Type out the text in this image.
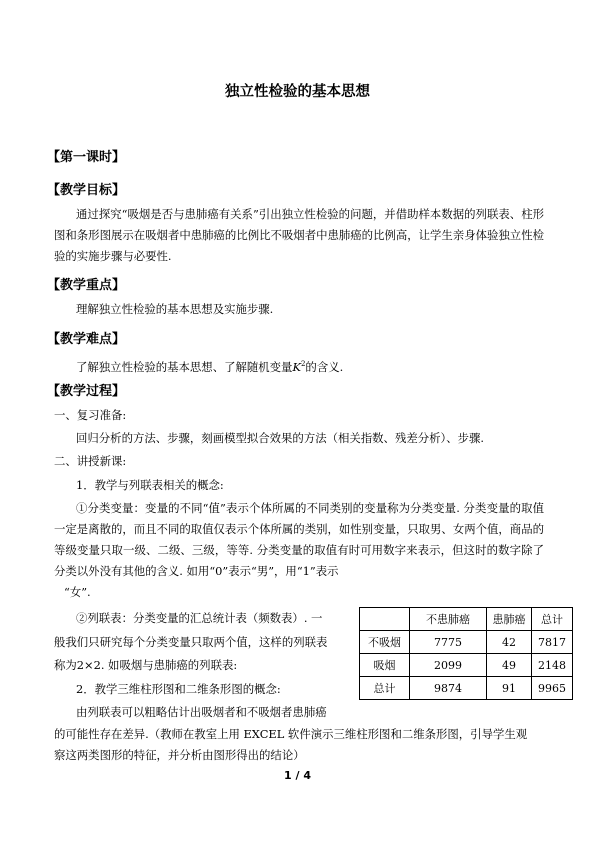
独立性检验的基本思想
【第一课时】
【教学目标】
通过探究“吸烟是否与患肺癌有关系”引出独立性检验的问题，并借助样本数据的列联表、柱形图和条形图展示在吸烟者中患肺癌的比例比不吸烟者中患肺癌的比例高，让学生亲身体验独立性检验的实施步骤与必要性.
【教学重点】
理解独立性检验的基本思想及实施步骤.
【教学难点】
了解独立性检验的基本思想、了解随机变量$K^2$的含义.
【教学过程】
一、复习准备:
回归分析的方法、步骤，刻画模型拟合效果的方法（相关指数、残差分析）、步骤.
二、讲授新课:
1．教学与列联表相关的概念:
①分类变量：变量的不同“值”表示个体所属的不同类别的变量称为分类变量. 分类变量的取值一定是离散的，而且不同的取值仅表示个体所属的类别，如性别变量，只取男、女两个值，商品的等级变量只取一级、二级、三级，等等. 分类变量的取值有时可用数字来表示，但这时的数字除了分类以外没有其他的含义. 如用“0”表示“男”，用“1”表示
“女”.
②列联表：分类变量的汇总统计表（频数表）. 一
般我们只研究每个分类变量只取两个值，这样的列联表
称为2×2. 如吸烟与患肺癌的列联表:
2．教学三维柱形图和二维条形图的概念:
由列联表可以粗略估计出吸烟者和不吸烟者患肺癌
的可能性存在差异.（教师在教室上用 EXCEL 软件演示三维柱形图和二维条形图，引导学生观
察这两类图形的特征，并分析由图形得出的结论）
	不患肺癌	患肺癌	总计
不吸烟	7775	42	7817
吸烟	2099	49	2148
总计	9874	91	9965
1 / 4
